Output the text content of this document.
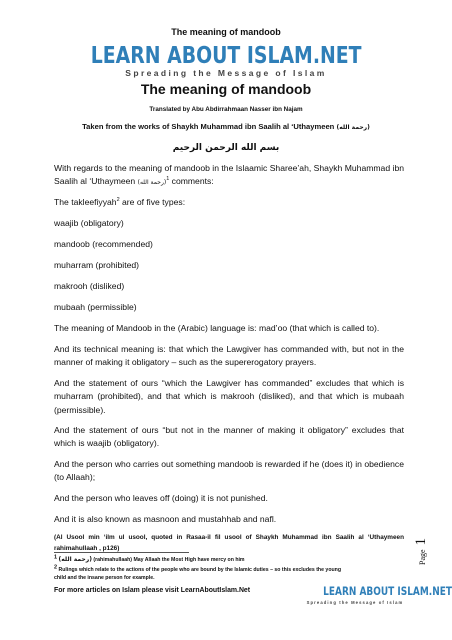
The meaning of mandoob
LEARN ABOUT ISLAM.NET
Spreading the Message of Islam
The meaning of mandoob
Translated by Abu Abdirrahmaan Nasser ibn Najam
Taken from the works of Shaykh Muhammad ibn Saalih al ‘Uthaymeen (رحمة الله)
بسم الله الرحمن الرحيم

With regards to the meaning of mandoob in the Islaamic Sharee’ah, Shaykh Muhammad ibn Saalih al ‘Uthaymeen (رحمة الله)$^1$ comments:

The takleefiyyah$^2$ are of five types:

waajib (obligatory)
mandoob (recommended)
muharram (prohibited)
makrooh (disliked)
mubaah (permissible)
The meaning of Mandoob in the (Arabic) language is: mad’oo (that which is called to).
And its technical meaning is: that which the Lawgiver has commanded with, but not in the manner of making it obligatory – such as the supererogatory prayers.
And the statement of ours “which the Lawgiver has commanded” excludes that which is muharram (prohibited), and that which is makrooh (disliked), and that which is mubaah (permissible).
And the statement of ours “but not in the manner of making it obligatory” excludes that which is waajib (obligatory).
And the person who carries out something mandoob is rewarded if he (does it) in obedience (to Allaah);
And the person who leaves off (doing) it is not punished.
And it is also known as masnoon and mustahhab and nafl.
(Al Usool min ‘ilm ul usool, quoted in Rasaa-il fil usool of Shaykh Muhammad ibn Saalih al ‘Uthaymeen rahimahullaah , p126)

$^1$ (رحمة الله) (rahimahullaah) May Allaah the Most High have mercy on him

$^2$ Rulings which relate to the actions of the people who are bound by the Islamic duties – so this excludes the young child and the insane person for example.

For more articles on Islam please visit LearnAboutIslam.Net	LEARN ABOUT ISLAM.NET
Spreading the Message of Islam
Page 1
